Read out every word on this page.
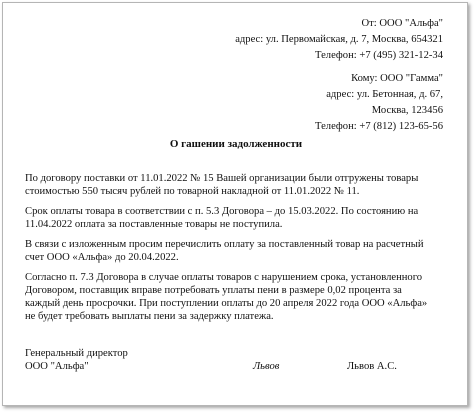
От: ООО "Альфа"
адрес: ул. Первомайская, д. 7, Москва, 654321
Телефон: +7 (495) 321-12-34
Кому: ООО "Гамма"
адрес: ул. Бетонная, д. 67,
Москва, 123456
Телефон: +7 (812) 123-65-56
О гашении задолженности
По договору поставки от 11.01.2022 № 15 Вашей организации были отгружены товары
стоимостью 550 тысяч рублей по товарной накладной от 11.01.2022 № 11.
Срок оплаты товара в соответствии с п. 5.3 Договора – до 15.03.2022. По состоянию на
11.04.2022 оплата за поставленные товары не поступила.
В связи с изложенным просим перечислить оплату за поставленный товар на расчетный
счет ООО «Альфа» до 20.04.2022.
Согласно п. 7.3 Договора в случае оплаты товаров с нарушением срока, установленного
Договором, поставщик вправе потребовать уплаты пени в размере 0,02 процента за
каждый день просрочки. При поступлении оплаты до 20 апреля 2022 года ООО «Альфа»
не будет требовать выплаты пени за задержку платежа.
Генеральный директор
ООО "Альфа"	Львов	Львов А.С.
